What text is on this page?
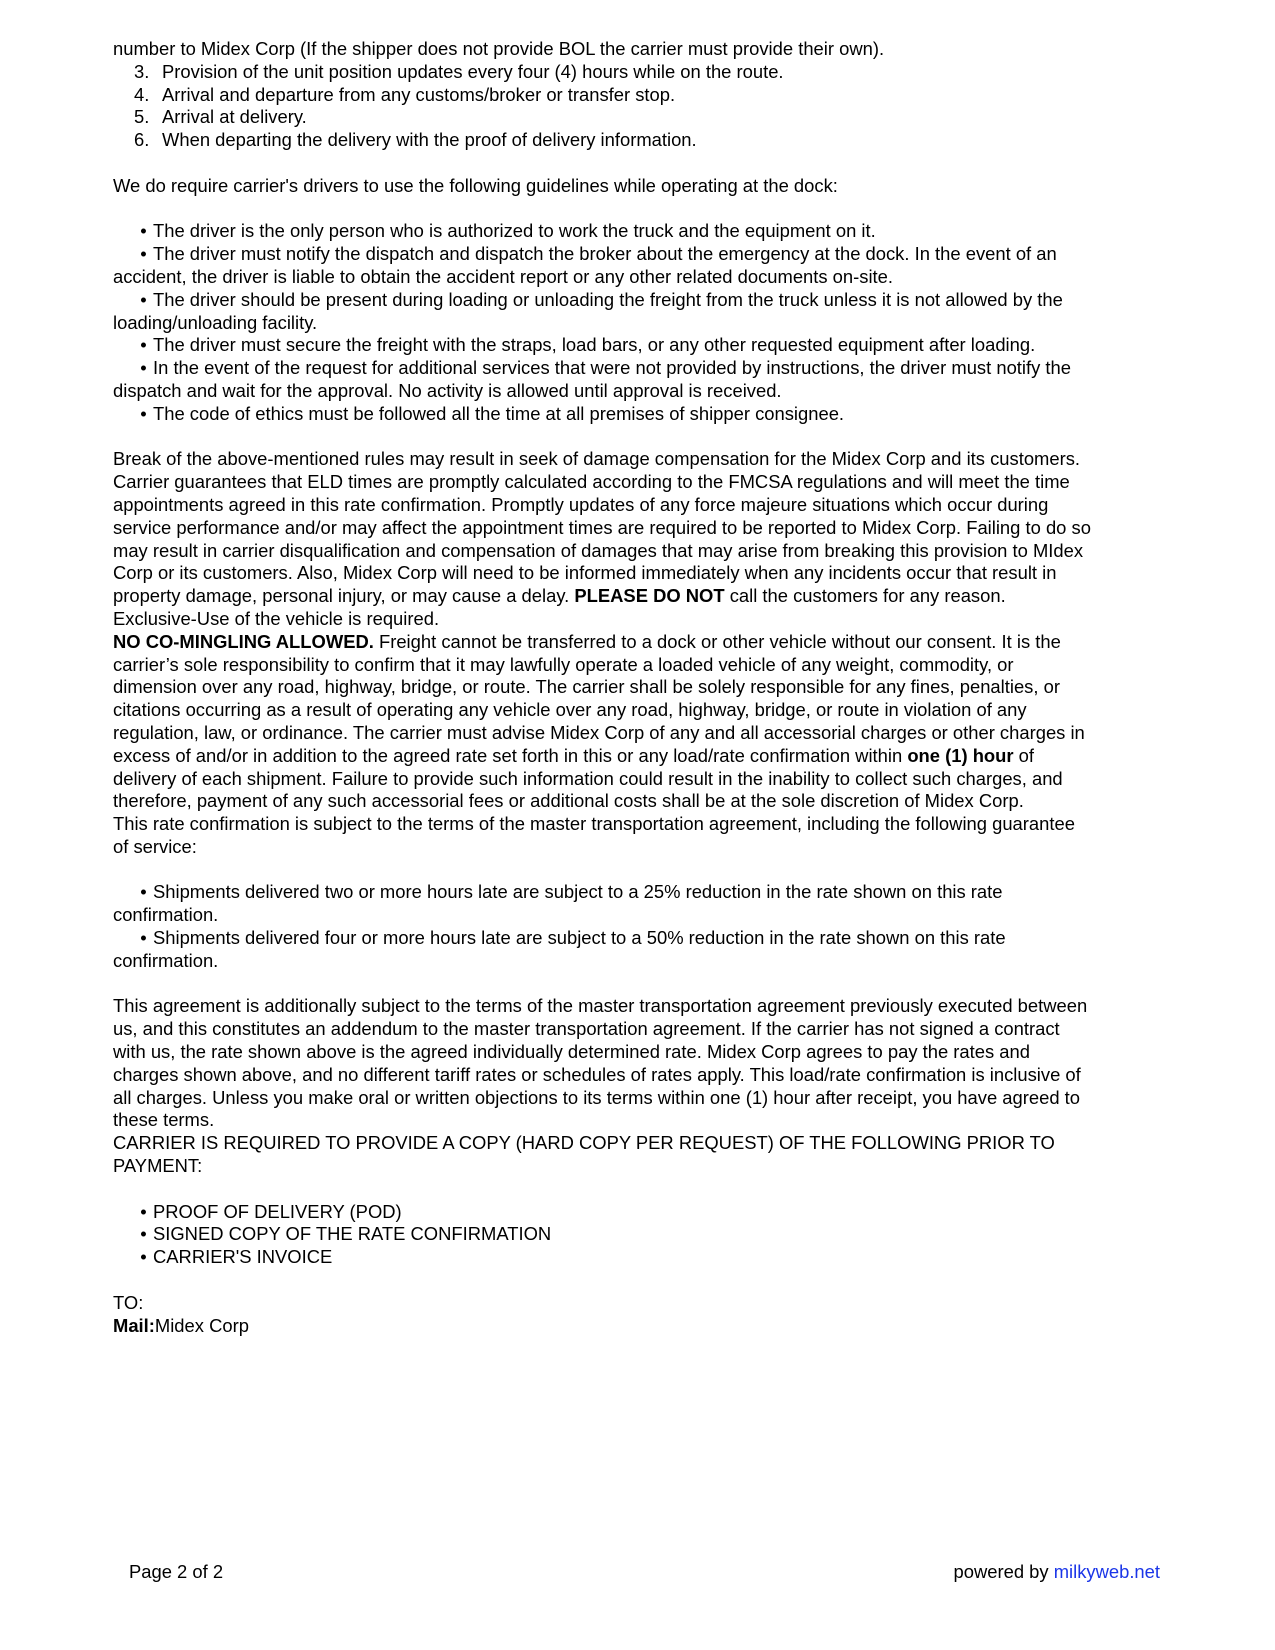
number to Midex Corp (If the shipper does not provide BOL the carrier must provide their own).

3. Provision of the unit position updates every four (4) hours while on the route.

4. Arrival and departure from any customs/broker or transfer stop.

5. Arrival at delivery.

6. When departing the delivery with the proof of delivery information.

We do require carrier's drivers to use the following guidelines while operating at the dock:

• The driver is the only person who is authorized to work the truck and the equipment on it.

• The driver must notify the dispatch and dispatch the broker about the emergency at the dock. In the event of an

accident, the driver is liable to obtain the accident report or any other related documents on-site.

• The driver should be present during loading or unloading the freight from the truck unless it is not allowed by the

loading/unloading facility.

• The driver must secure the freight with the straps, load bars, or any other requested equipment after loading.

• In the event of the request for additional services that were not provided by instructions, the driver must notify the

dispatch and wait for the approval. No activity is allowed until approval is received.

• The code of ethics must be followed all the time at all premises of shipper consignee.

Break of the above-mentioned rules may result in seek of damage compensation for the Midex Corp and its customers.

Carrier guarantees that ELD times are promptly calculated according to the FMCSA regulations and will meet the time

appointments agreed in this rate confirmation. Promptly updates of any force majeure situations which occur during

service performance and/or may affect the appointment times are required to be reported to Midex Corp. Failing to do so

may result in carrier disqualification and compensation of damages that may arise from breaking this provision to MIdex

Corp or its customers. Also, Midex Corp will need to be informed immediately when any incidents occur that result in

property damage, personal injury, or may cause a delay. PLEASE DO NOT call the customers for any reason.

Exclusive-Use of the vehicle is required.

NO CO-MINGLING ALLOWED. Freight cannot be transferred to a dock or other vehicle without our consent. It is the

carrier’s sole responsibility to confirm that it may lawfully operate a loaded vehicle of any weight, commodity, or

dimension over any road, highway, bridge, or route. The carrier shall be solely responsible for any fines, penalties, or

citations occurring as a result of operating any vehicle over any road, highway, bridge, or route in violation of any

regulation, law, or ordinance. The carrier must advise Midex Corp of any and all accessorial charges or other charges in

excess of and/or in addition to the agreed rate set forth in this or any load/rate confirmation within one (1) hour of

delivery of each shipment. Failure to provide such information could result in the inability to collect such charges, and

therefore, payment of any such accessorial fees or additional costs shall be at the sole discretion of Midex Corp.

This rate confirmation is subject to the terms of the master transportation agreement, including the following guarantee

of service:

• Shipments delivered two or more hours late are subject to a 25% reduction in the rate shown on this rate

confirmation.

• Shipments delivered four or more hours late are subject to a 50% reduction in the rate shown on this rate

confirmation.

This agreement is additionally subject to the terms of the master transportation agreement previously executed between

us, and this constitutes an addendum to the master transportation agreement. If the carrier has not signed a contract

with us, the rate shown above is the agreed individually determined rate. Midex Corp agrees to pay the rates and

charges shown above, and no different tariff rates or schedules of rates apply. This load/rate confirmation is inclusive of

all charges. Unless you make oral or written objections to its terms within one (1) hour after receipt, you have agreed to

these terms.

CARRIER IS REQUIRED TO PROVIDE A COPY (HARD COPY PER REQUEST) OF THE FOLLOWING PRIOR TO

PAYMENT:

• PROOF OF DELIVERY (POD)

• SIGNED COPY OF THE RATE CONFIRMATION

• CARRIER'S INVOICE

TO:

Mail:Midex Corp

Page 2 of 2	powered by milkyweb.net
